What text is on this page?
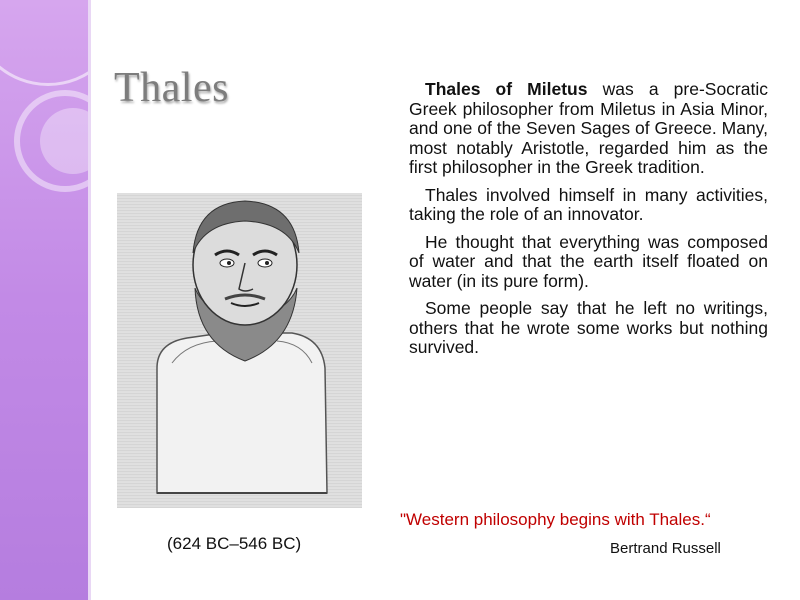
Thales
(624 BC–546 BC)

Thales of Miletus was a pre-Socratic Greek philosopher from Miletus in Asia Minor, and one of the Seven Sages of Greece. Many, most notably Aristotle, regarded him as the first philosopher in the Greek tradition.

Thales involved himself in many activities, taking the role of an innovator.

He thought that everything was composed of water and that the earth itself floated on water (in its pure form).

Some people say that he left no writings, others that he wrote some works but nothing survived.

"Western philosophy begins with Thales.“
Bertrand Russell
